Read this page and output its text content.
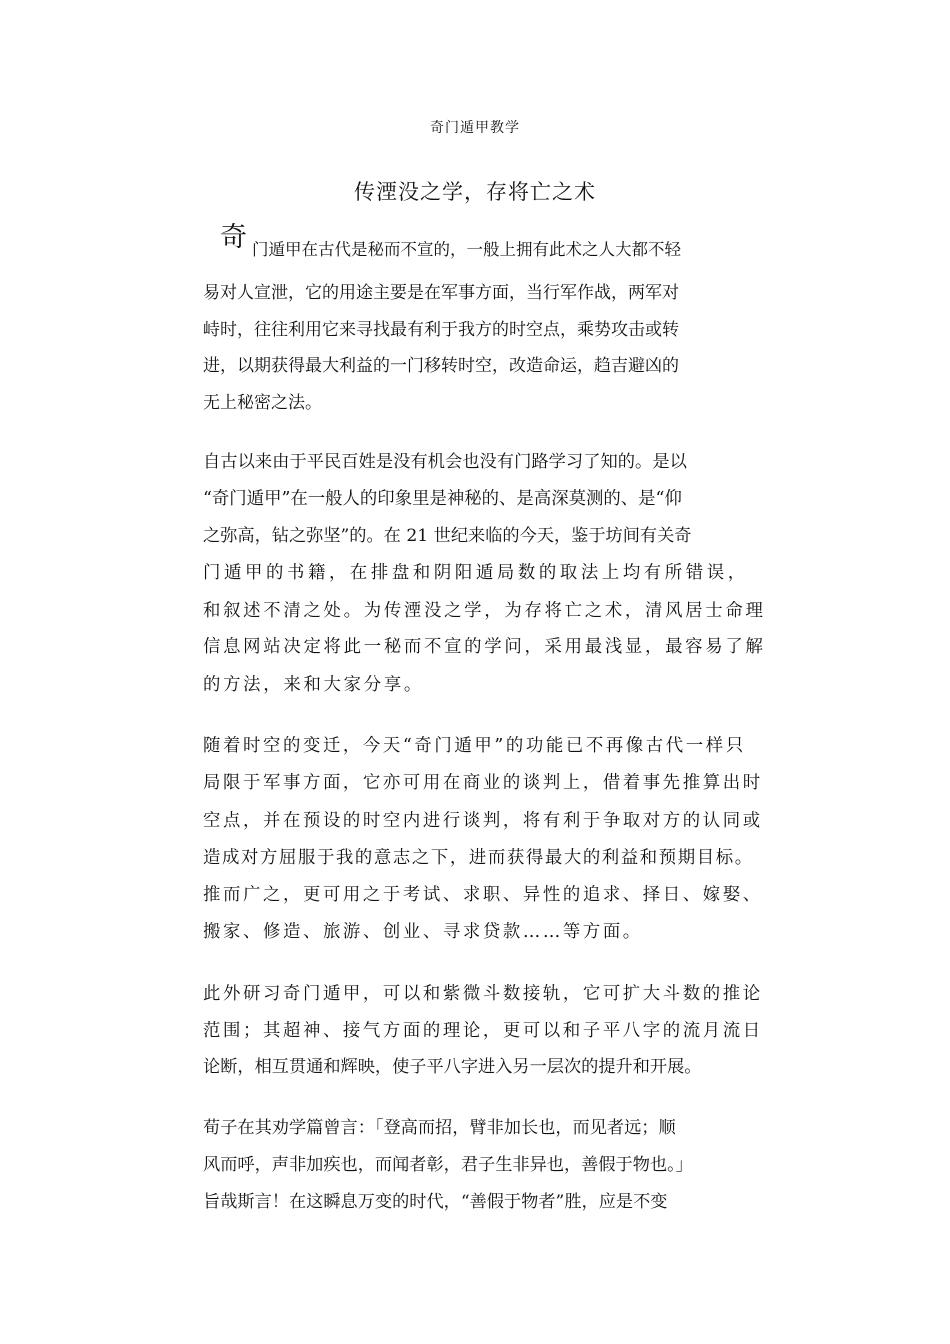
奇门遁甲教学
传湮没之学，存将亡之术
奇 门遁甲在古代是秘而不宣的，一般上拥有此术之人大都不轻
易对人宣泄，它的用途主要是在军事方面，当行军作战，两军对
峙时，往往利用它来寻找最有利于我方的时空点，乘势攻击或转
进，以期获得最大利益的一门移转时空，改造命运，趋吉避凶的
无上秘密之法。
自古以来由于平民百姓是没有机会也没有门路学习了知的。是以
“奇门遁甲”在一般人的印象里是神秘的、是高深莫测的、是“仰
之弥高，钻之弥坚”的。在 21 世纪来临的今天，鉴于坊间有关奇
门遁甲的书籍，在排盘和阴阳遁局数的取法上均有所错误，
和叙述不清之处。为传湮没之学，为存将亡之术，清风居士命理
信息网站决定将此一秘而不宣的学问，采用最浅显，最容易了解
的方法，来和大家分享。
随着时空的变迁，今天“奇门遁甲”的功能已不再像古代一样只
局限于军事方面，它亦可用在商业的谈判上，借着事先推算出时
空点，并在预设的时空内进行谈判，将有利于争取对方的认同或
造成对方屈服于我的意志之下，进而获得最大的利益和预期目标。
推而广之，更可用之于考试、求职、异性的追求、择日、嫁娶、
搬家、修造、旅游、创业、寻求贷款……等方面。
此外研习奇门遁甲，可以和紫微斗数接轨，它可扩大斗数的推论
范围；其超神、接气方面的理论，更可以和子平八字的流月流日
论断，相互贯通和辉映，使子平八字进入另一层次的提升和开展。
荀子在其劝学篇曾言：「登高而招，臂非加长也，而见者远；顺
风而呼，声非加疾也，而闻者彰，君子生非异也，善假于物也。」
旨哉斯言！在这瞬息万变的时代，“善假于物者”胜，应是不变
